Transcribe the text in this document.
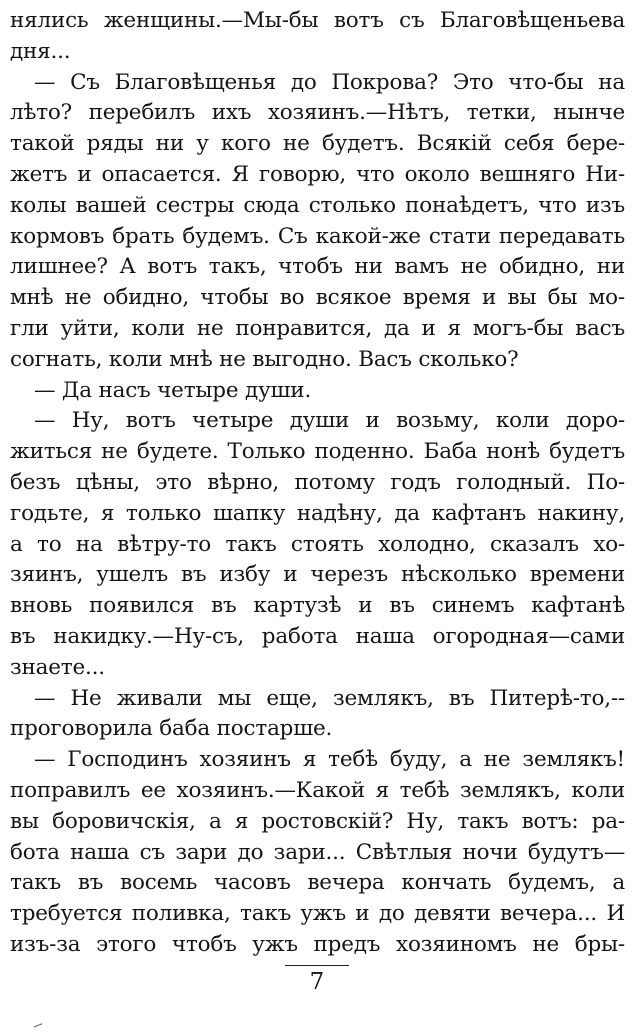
нялись женщины.—Мы-бы вотъ съ Благовѣщеньева
дня...
— Съ Благовѣщенья до Покрова? Это что-бы на
лѣто? перебилъ ихъ хозяинъ.—Нѣтъ, тетки, нынче
такой ряды ни у кого не будетъ. Всякiй себя бере-
жетъ и опасается. Я говорю, что около вешняго Ни-
колы вашей сестры сюда столько понаѣдетъ, что изъ
кормовъ брать будемъ. Съ какой-же стати передавать
лишнее? А вотъ такъ, чтобъ ни вамъ не обидно, ни
мнѣ не обидно, чтобы во всякое время и вы бы мо-
гли уйти, коли не понравится, да и я могъ-бы васъ
согнать, коли мнѣ не выгодно. Васъ сколько?
— Да насъ четыре души.
— Ну, вотъ четыре души и возьму, коли доро-
житься не будете. Только поденно. Баба нонѣ будетъ
безъ цѣны, это вѣрно, потому годъ голодный. По-
годьте, я только шапку надѣну, да кафтанъ накину,
а то на вѣтру-то такъ стоять холодно, сказалъ хо-
зяинъ, ушелъ въ избу и черезъ нѣсколько времени
вновь появился въ картузѣ и въ синемъ кафтанѣ
въ накидку.—Ну-съ, работа наша огородная—сами
знаете...
— Не живали мы еще, землякъ, въ Питерѣ-то,--
проговорила баба постарше.
— Господинъ хозяинъ я тебѣ буду, а не землякъ!
поправилъ ее хозяинъ.—Какой я тебѣ землякъ, коли
вы боровичскiя, а я ростовскiй? Ну, такъ вотъ: ра-
бота наша съ зари до зари... Свѣтлыя ночи будутъ—
такъ въ восемь часовъ вечера кончать будемъ, а
требуется поливка, такъ ужъ и до девяти вечера... И
изъ-за этого чтобъ ужъ предъ хозяиномъ не бры-
7
